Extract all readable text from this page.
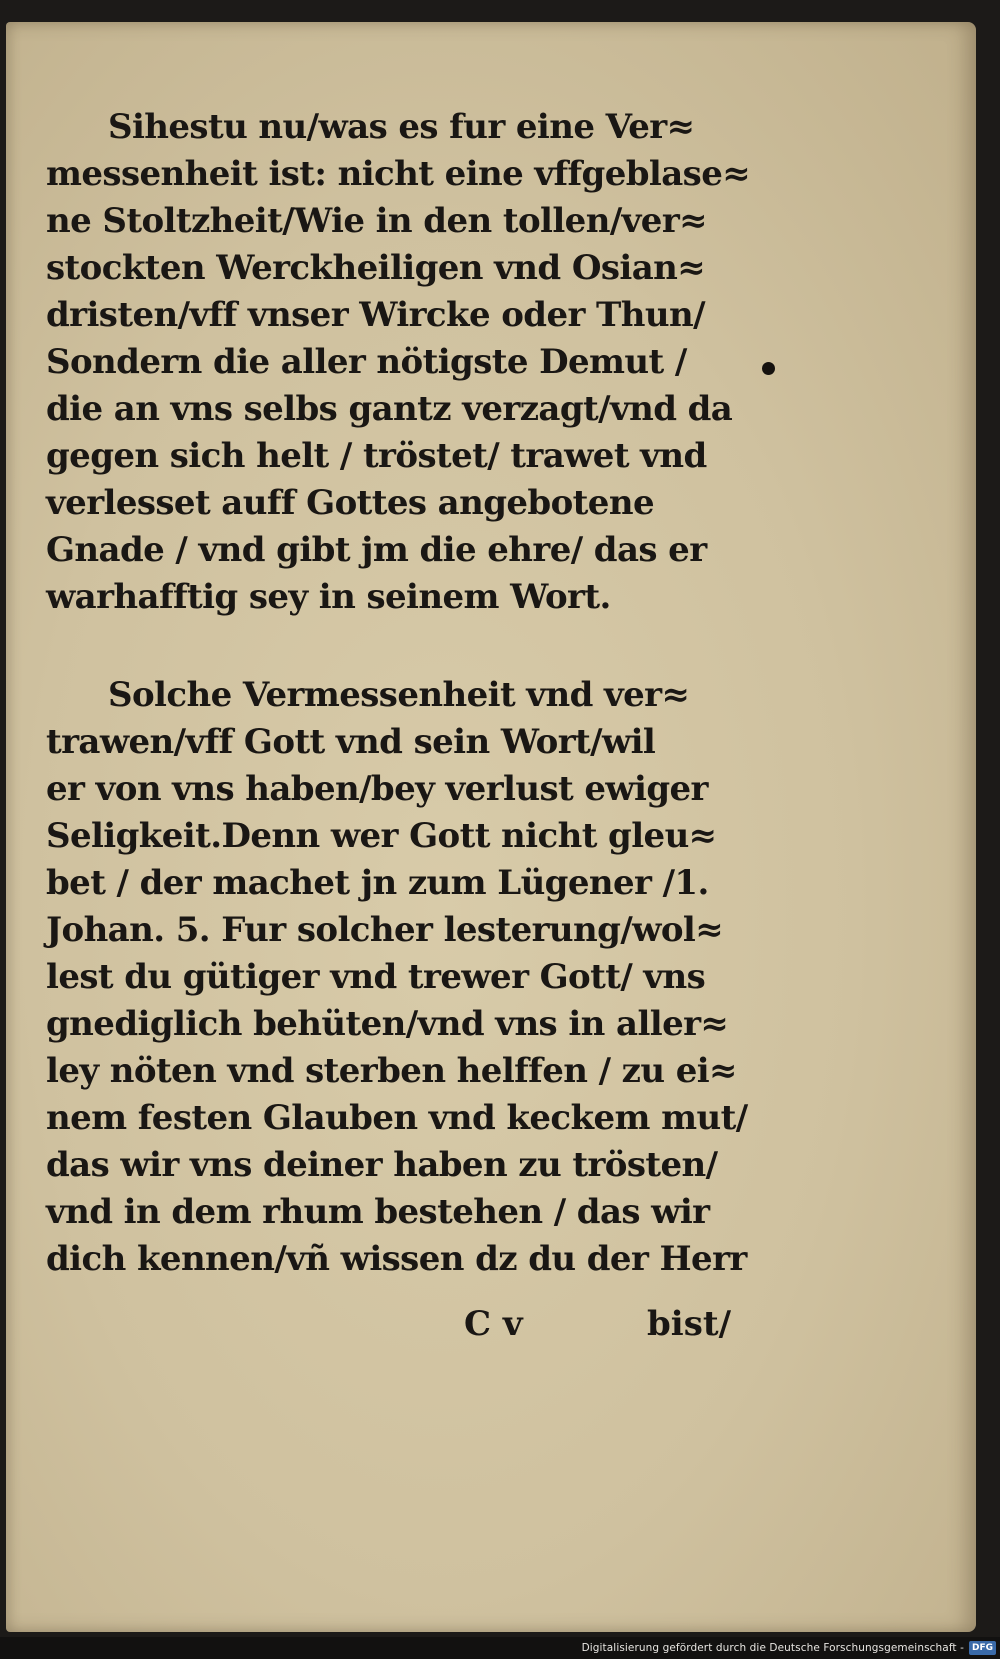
Sihestu nu/was es fur eine Ver≈
messenheit ist: nicht eine vffgeblase≈
ne Stoltzheit/Wie in den tollen/ver≈
stockten Werckheiligen vnd Osian≈
dristen/vff vnser Wircke oder Thun/
Sondern die aller nötigste Demut /
die an vns selbs gantz verzagt/vnd da
gegen sich helt / tröstet/ trawet vnd
verlesset auff Gottes angebotene
Gnade / vnd gibt jm die ehre/ das er
warhafftig sey in seinem Wort.
Solche Vermessenheit vnd ver≈
trawen/vff Gott vnd sein Wort/wil
er von vns haben/bey verlust ewiger
Seligkeit.Denn wer Gott nicht gleu≈
bet / der machet jn zum Lügener /1.
Johan. 5. Fur solcher lesterung/wol≈
lest du gütiger vnd trewer Gott/ vns
gnediglich behüten/vnd vns in aller≈
ley nöten vnd sterben helffen / zu ei≈
nem festen Glauben vnd keckem mut/
das wir vns deiner haben zu trösten/
vnd in dem rhum bestehen / das wir
dich kennen/vñ wissen dz du der Herr
C v	bist/
Digitalisierung gefördert durch die Deutsche Forschungsgemeinschaft - DFG
